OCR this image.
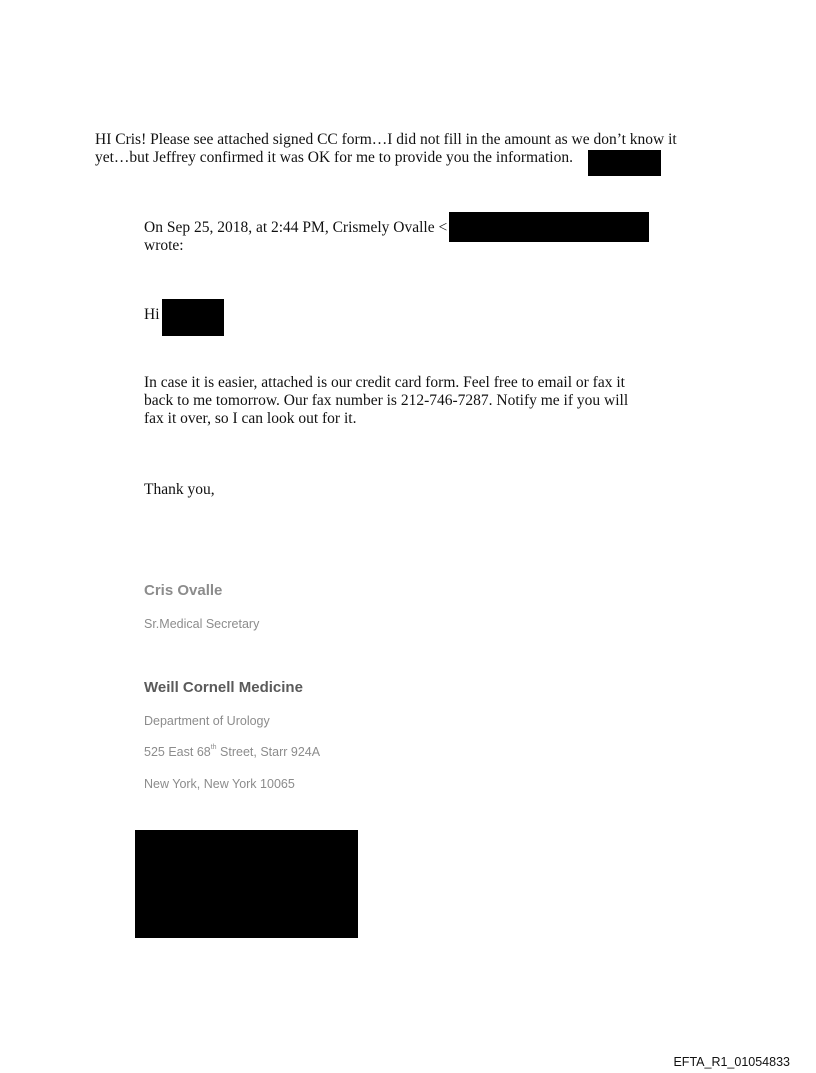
HI Cris! Please see attached signed CC form…I did not fill in the amount as we don’t know it
yet…but Jeffrey confirmed it was OK for me to provide you the information.
On Sep 25, 2018, at 2:44 PM, Crismely Ovalle <
wrote:
Hi
In case it is easier, attached is our credit card form. Feel free to email or fax it
back to me tomorrow. Our fax number is 212-746-7287. Notify me if you will
fax it over, so I can look out for it.
Thank you,
Cris Ovalle
Sr.Medical Secretary
Weill Cornell Medicine
Department of Urology
525 East 68th Street, Starr 924A
New York, New York 10065
EFTA_R1_01054833
